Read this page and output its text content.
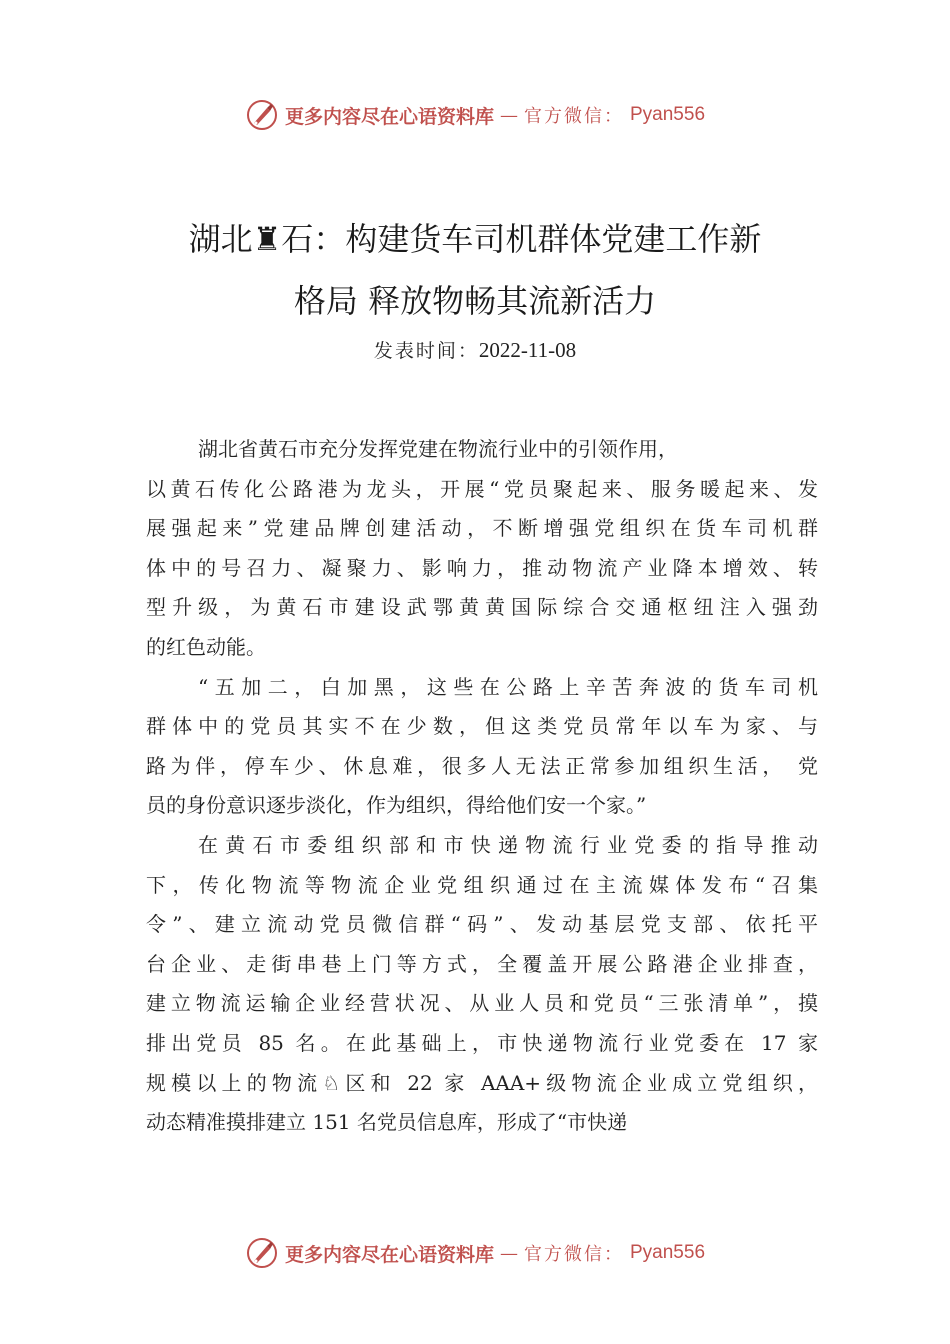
更多内容尽在心语资料库 — 官方微信： Pyan556
湖北♜石：构建货车司机群体党建工作新
格局 释放物畅其流新活力
发表时间：2022-11-08
湖北省黄石市充分发挥党建在物流行业中的引领作用，
以黄石传化公路港为龙头，开展“党员聚起来、服务暖起来、发
展强起来”党建品牌创建活动，不断增强党组织在货车司机群
体中的号召力、凝聚力、影响力，推动物流产业降本增效、转
型升级，为黄石市建设武鄂黄黄国际综合交通枢纽注入强劲
的红色动能。
“五加二，白加黑，这些在公路上辛苦奔波的货车司机
群体中的党员其实不在少数，但这类党员常年以车为家、与
路为伴，停车少、休息难，很多人无法正常参加组织生活， 党
员的身份意识逐步淡化，作为组织，得给他们安一个家。”
在黄石市委组织部和市快递物流行业党委的指导推动
下，传化物流等物流企业党组织通过在主流媒体发布“召集
令”、建立流动党员微信群“码”、发动基层党支部、依托平
台企业、走街串巷上门等方式，全覆盖开展公路港企业排查，
建立物流运输企业经营状况、从业人员和党员“三张清单”，摸
排出党员 85 名。在此基础上，市快递物流行业党委在 17 家
规模以上的物流♘区和 22 家 AAA+级物流企业成立党组织，
动态精准摸排建立 151 名党员信息库，形成了“市快递
更多内容尽在心语资料库 — 官方微信： Pyan556
